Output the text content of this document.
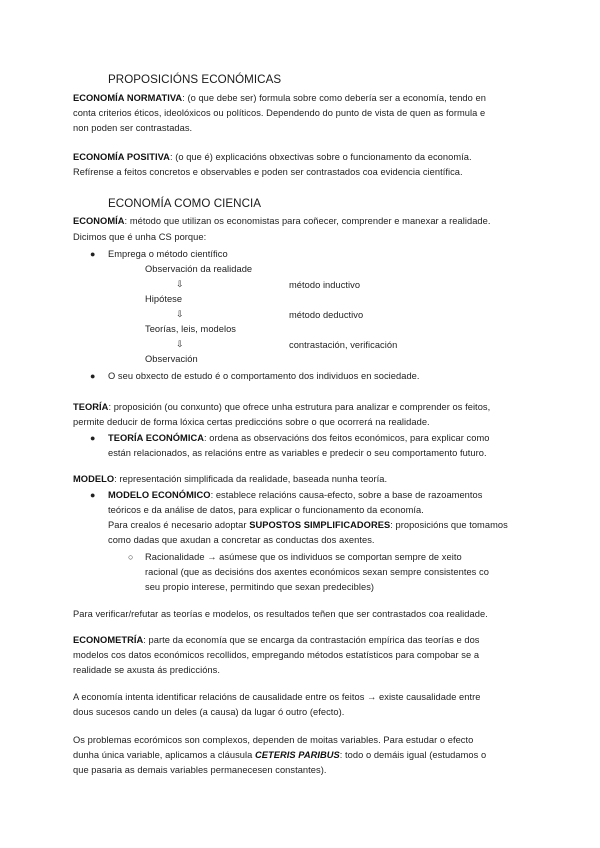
PROPOSICIÓNS ECONÓMICAS
ECONOMÍA NORMATIVA: (o que debe ser) formula sobre como debería ser a economía, tendo en
conta criterios éticos, ideolóxicos ou políticos. Dependendo do punto de vista de quen as formula e
non poden ser contrastadas.
ECONOMÍA POSITIVA: (o que é) explicacións obxectivas sobre o funcionamento da economía.
Refírense a feitos concretos e observables e poden ser contrastados coa evidencia científica.
ECONOMÍA COMO CIENCIA
ECONOMÍA: método que utilizan os economistas para coñecer, comprender e manexar a realidade.
Dicimos que é unha CS porque:
● Emprega o método científico
Observación da realidade
⇩	método inductivo
Hipótese
⇩	método deductivo
Teorías, leis, modelos
⇩	contrastación, verificación
Observación
● O seu obxecto de estudo é o comportamento dos individuos en sociedade.
TEORÍA: proposición (ou conxunto) que ofrece unha estrutura para analizar e comprender os feitos,
permite deducir de forma lóxica certas prediccións sobre o que ocorrerá na realidade.
● TEORÍA ECONÓMICA: ordena as observacións dos feitos económicos, para explicar como
están relacionados, as relacións entre as variables e predecir o seu comportamento futuro.
MODELO: representación simplificada da realidade, baseada nunha teoría.
● MODELO ECONÓMICO: establece relacións causa-efecto, sobre a base de razoamentos
teóricos e da análise de datos, para explicar o funcionamento da economía.
Para crealos é necesario adoptar SUPOSTOS SIMPLIFICADORES: proposicións que tomamos
como dadas que axudan a concretar as conductas dos axentes.
○ Racionalidade → asúmese que os individuos se comportan sempre de xeito
racional (que as decisións dos axentes económicos sexan sempre consistentes co
seu propio interese, permitindo que sexan predecibles)
Para verificar/refutar as teorías e modelos, os resultados teñen que ser contrastados coa realidade.
ECONOMETRÍA: parte da economía que se encarga da contrastación empírica das teorías e dos
modelos cos datos económicos recollidos, empregando métodos estatísticos para compobar se a
realidade se axusta ás prediccións.
A economía intenta identificar relacións de causalidade entre os feitos → existe causalidade entre
dous sucesos cando un deles (a causa) da lugar ó outro (efecto).
Os problemas ecorómicos son complexos, dependen de moitas variables. Para estudar o efecto
dunha única variable, aplicamos a cláusula CETERIS PARIBUS: todo o demáis igual (estudamos o
que pasaria as demais variables permanecesen constantes).
